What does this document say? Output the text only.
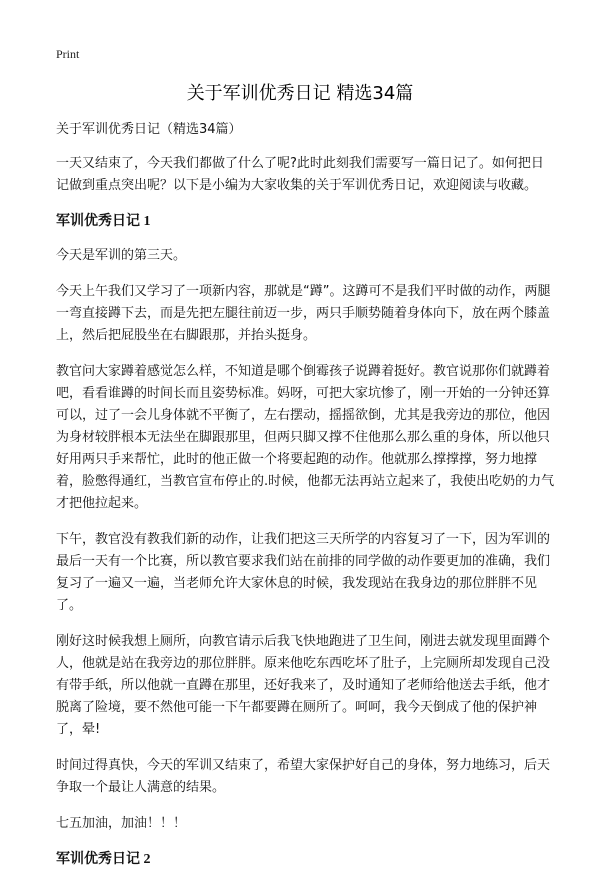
Print
关于军训优秀日记 精选34篇

关于军训优秀日记（精选34篇）

一天又结束了，今天我们都做了什么了呢?此时此刻我们需要写一篇日记了。如何把日记做到重点突出呢？以下是小编为大家收集的关于军训优秀日记，欢迎阅读与收藏。

军训优秀日记 1

今天是军训的第三天。

今天上午我们又学习了一项新内容，那就是“蹲”。这蹲可不是我们平时做的动作，两腿一弯直接蹲下去，而是先把左腿往前迈一步，两只手顺势随着身体向下，放在两个膝盖上，然后把屁股坐在右脚跟那，并抬头挺身。

教官问大家蹲着感觉怎么样，不知道是哪个倒霉孩子说蹲着挺好。教官说那你们就蹲着吧，看看谁蹲的时间长而且姿势标准。妈呀，可把大家坑惨了，刚一开始的一分钟还算可以，过了一会儿身体就不平衡了，左右摆动，摇摇欲倒，尤其是我旁边的那位，他因为身材较胖根本无法坐在脚跟那里，但两只脚又撑不住他那么那么重的身体，所以他只好用两只手来帮忙，此时的他正做一个将要起跑的动作。他就那么撑撑撑，努力地撑着，脸憋得通红，当教官宣布停止的.时候，他都无法再站立起来了，我使出吃奶的力气才把他拉起来。

下午，教官没有教我们新的动作，让我们把这三天所学的内容复习了一下，因为军训的最后一天有一个比赛，所以教官要求我们站在前排的同学做的动作要更加的准确，我们复习了一遍又一遍，当老师允许大家休息的时候，我发现站在我身边的那位胖胖不见了。

刚好这时候我想上厕所，向教官请示后我飞快地跑进了卫生间，刚进去就发现里面蹲个人，他就是站在我旁边的那位胖胖。原来他吃东西吃坏了肚子，上完厕所却发现自己没有带手纸，所以他就一直蹲在那里，还好我来了，及时通知了老师给他送去手纸，他才脱离了险境，要不然他可能一下午都要蹲在厕所了。呵呵，我今天倒成了他的保护神了，晕!

时间过得真快，今天的军训又结束了，希望大家保护好自己的身体，努力地练习，后天争取一个最让人满意的结果。

七五加油，加油！！！

军训优秀日记 2
